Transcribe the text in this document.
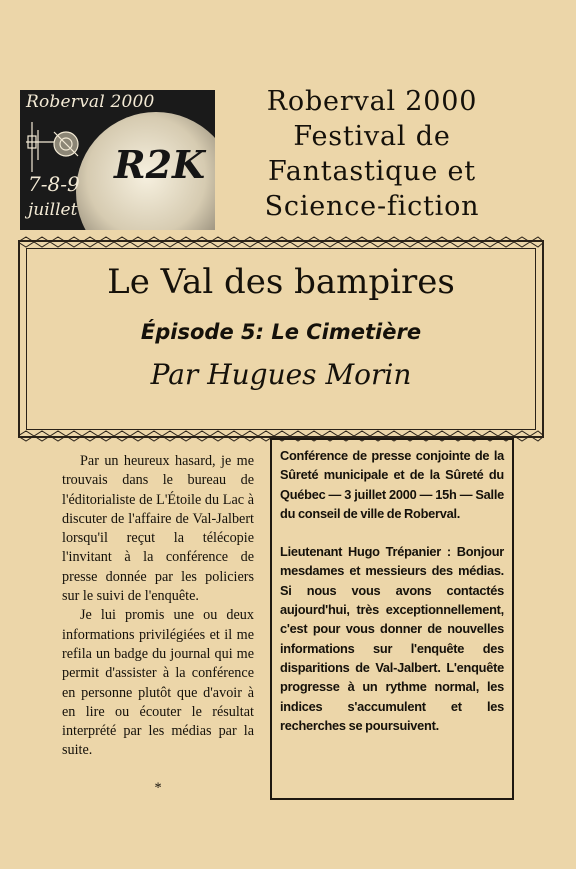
Roberval 2000
R2K
7-8-9
juillet
Roberval 2000
Festival de
Fantastique et
Science-fiction
Le Val des bampires
Épisode 5: Le Cimetière
Par Hugues Morin

Par un heureux hasard, je me trouvais dans le bureau de l'éditorialiste de L'Étoile du Lac à discuter de l'affaire de Val-Jalbert lorsqu'il reçut la télécopie l'invitant à la conférence de presse donnée par les policiers sur le suivi de l'enquête.

Je lui promis une ou deux informations privilégiées et il me refila un badge du journal qui me permit d'assister à la conférence en personne plutôt que d'avoir à en lire ou écouter le résultat interprété par les médias par la suite.

*

Conférence de presse conjointe de la Sûreté municipale et de la Sûreté du Québec — 3 juillet 2000 — 15h — Salle du conseil de ville de Roberval.

Lieutenant Hugo Trépanier : Bonjour mesdames et messieurs des médias. Si nous vous avons contactés aujourd'hui, très exceptionnellement, c'est pour vous donner de nouvelles informations sur l'enquête des disparitions de Val-Jalbert. L'enquête progresse à un rythme normal, les indices s'accumulent et les recherches se poursuivent.
